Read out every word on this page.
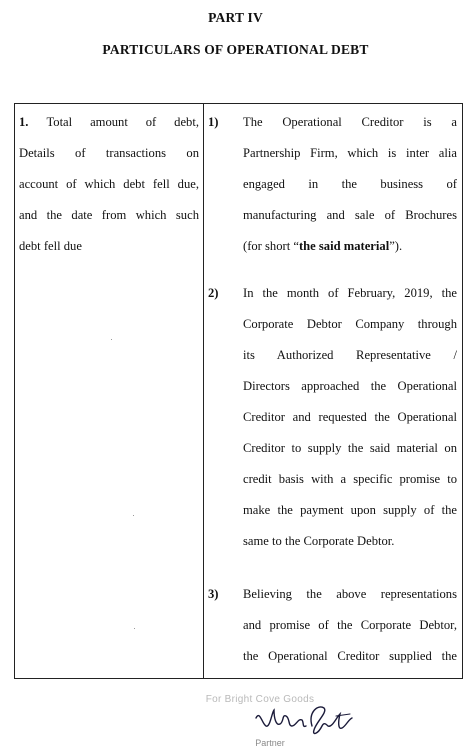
PART IV
PARTICULARS OF OPERATIONAL DEBT
1. Total amount of debt,
Details of transactions on
account of which debt fell due,
and the date from which such
debt fell due
1) The Operational Creditor is a
Partnership Firm, which is inter alia
engaged in the business of
manufacturing and sale of Brochures
(for short “the said material”).
2) In the month of February, 2019, the
Corporate Debtor Company through
its Authorized Representative /
Directors approached the Operational
Creditor and requested the Operational
Creditor to supply the said material on
credit basis with a specific promise to
make the payment upon supply of the
same to the Corporate Debtor.
3) Believing the above representations
and promise of the Corporate Debtor,
the Operational Creditor supplied the
For Bright Cove Goods
Partner
